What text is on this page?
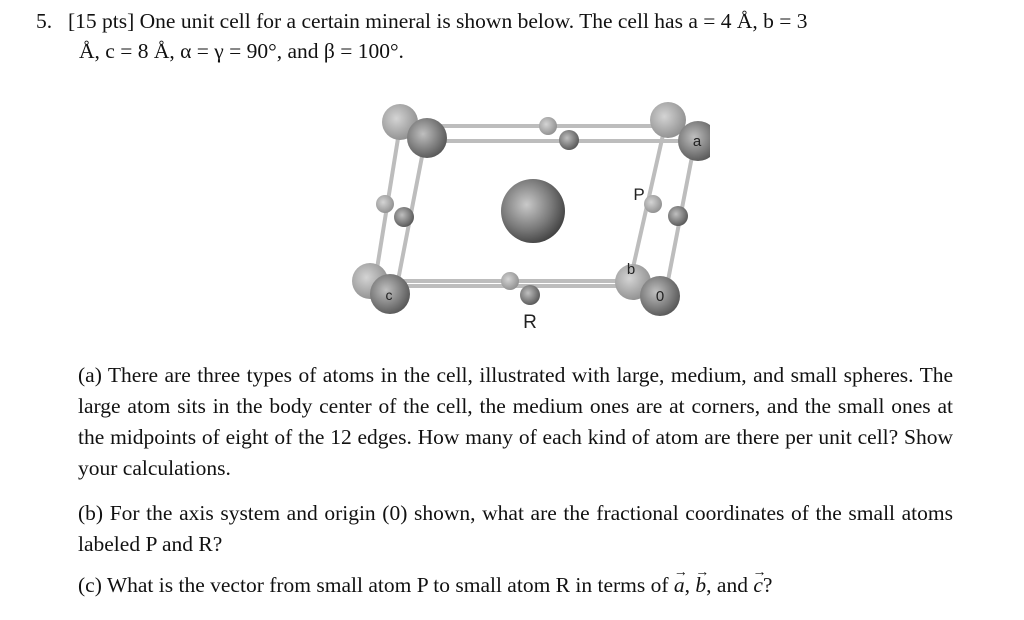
5. [15 pts] One unit cell for a certain mineral is shown below. The cell has a = 4 Å, b = 3
Å, c = 8 Å, α = γ = 90°, and β = 100°.
a
b
c	0
P
R
(a) There are three types of atoms in the cell, illustrated with large, medium, and small spheres. The large atom sits in the body center of the cell, the medium ones are at corners, and the small ones at the midpoints of eight of the 12 edges. How many of each kind of atom are there per unit cell? Show your calculations.
(b) For the axis system and origin (0) shown, what are the fractional coordinates of the small atoms labeled P and R?
(c) What is the vector from small atom P to small atom R in terms of a →, b →, and c →?
